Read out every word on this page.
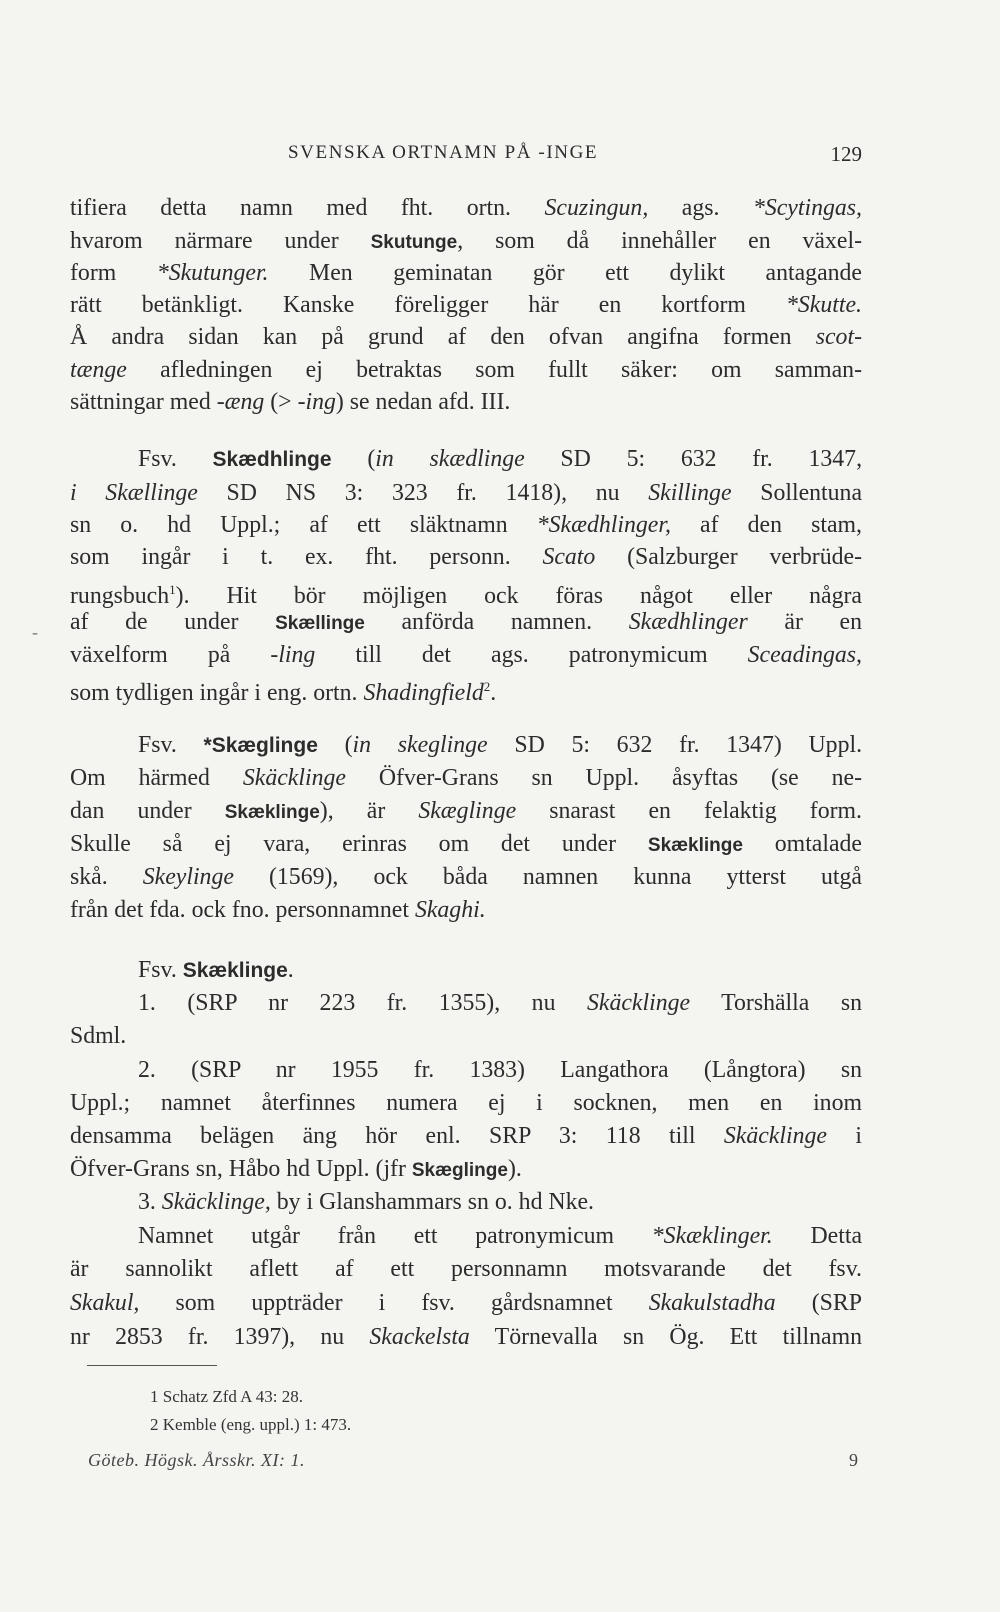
SVENSKA ORTNAMN PÅ -INGE	129
-
tifiera detta namn med fht. ortn. Scuzingun, ags. *Scytingas,
hvarom närmare under Skutunge, som då innehåller en växel-
form *Skutunger. Men geminatan gör ett dylikt antagande
rätt betänkligt. Kanske föreligger här en kortform *Skutte.
Å andra sidan kan på grund af den ofvan angifna formen scot-
tænge afledningen ej betraktas som fullt säker: om samman-
sättningar med -æng (> -ing) se nedan afd. III.
Fsv. Skædhlinge (in skædlinge SD 5: 632 fr. 1347,
i Skællinge SD NS 3: 323 fr. 1418), nu Skillinge Sollentuna
sn o. hd Uppl.; af ett släktnamn *Skædhlinger, af den stam,
som ingår i t. ex. fht. personn. Scato (Salzburger verbrüde-
rungsbuch$^1$). Hit bör möjligen ock föras något eller några
af de under Skællinge anförda namnen. Skædhlinger är en
växelform på -ling till det ags. patronymicum Sceadingas,
som tydligen ingår i eng. ortn. Shadingfield$^2$.
Fsv. *Skæglinge (in skeglinge SD 5: 632 fr. 1347) Uppl.
Om härmed Skäcklinge Öfver-Grans sn Uppl. åsyftas (se ne-
dan under Skæklinge), är Skæglinge snarast en felaktig form.
Skulle så ej vara, erinras om det under Skæklinge omtalade
skå. Skeylinge (1569), ock båda namnen kunna ytterst utgå
från det fda. ock fno. personnamnet Skaghi.
Fsv. Skæklinge.
1. (SRP nr 223 fr. 1355), nu Skäcklinge Torshälla sn
Sdml.
2. (SRP nr 1955 fr. 1383) Langathora (Långtora) sn
Uppl.; namnet återfinnes numera ej i socknen, men en inom
densamma belägen äng hör enl. SRP 3: 118 till Skäcklinge i
Öfver-Grans sn, Håbo hd Uppl. (jfr Skæglinge).
3. Skäcklinge, by i Glanshammars sn o. hd Nke.
Namnet utgår från ett patronymicum *Skæklinger. Detta
är sannolikt aflett af ett personnamn motsvarande det fsv.
Skakul, som uppträder i fsv. gårdsnamnet Skakulstadha (SRP
nr 2853 fr. 1397), nu Skackelsta Törnevalla sn Ög. Ett tillnamn
1 Schatz Zfd A 43: 28.
2 Kemble (eng. uppl.) 1: 473.
Göteb. Högsk. Årsskr. XI: 1.	9
